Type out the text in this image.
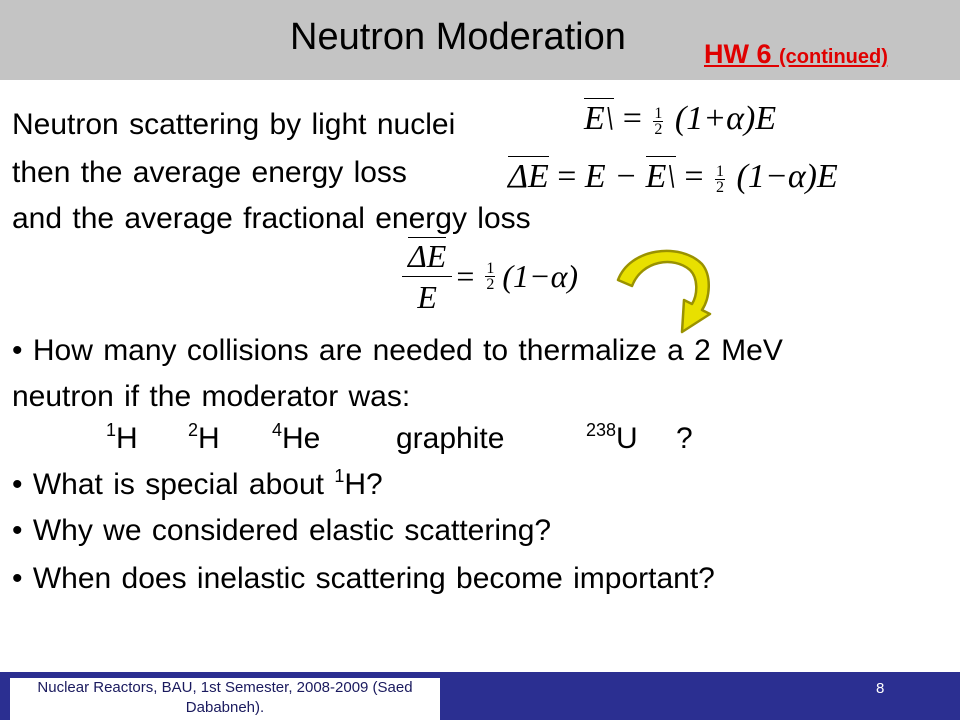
Neutron Moderation	HW 6 (continued)
Neutron scattering by light nuclei
then the average energy loss
and the average fractional energy loss
E\ = $\frac{1}{2} (1+\alpha)E$
ΔE = E − E\ = $\frac{1}{2} (1-\alpha)E$
$\frac{\Delta E}{E} = \frac{1}{2} (1-\alpha)$
• How many collisions are needed to thermalize a 2 MeV
neutron if the moderator was:
$^1$H	$^2$H	$^4$He	graphite	$^{238}$U ?
• What is special about $^1$H?
• Why we considered elastic scattering?
• When does inelastic scattering become important?
Nuclear Reactors, BAU, 1st Semester, 2008-2009 (Saed Dababneh).
8
